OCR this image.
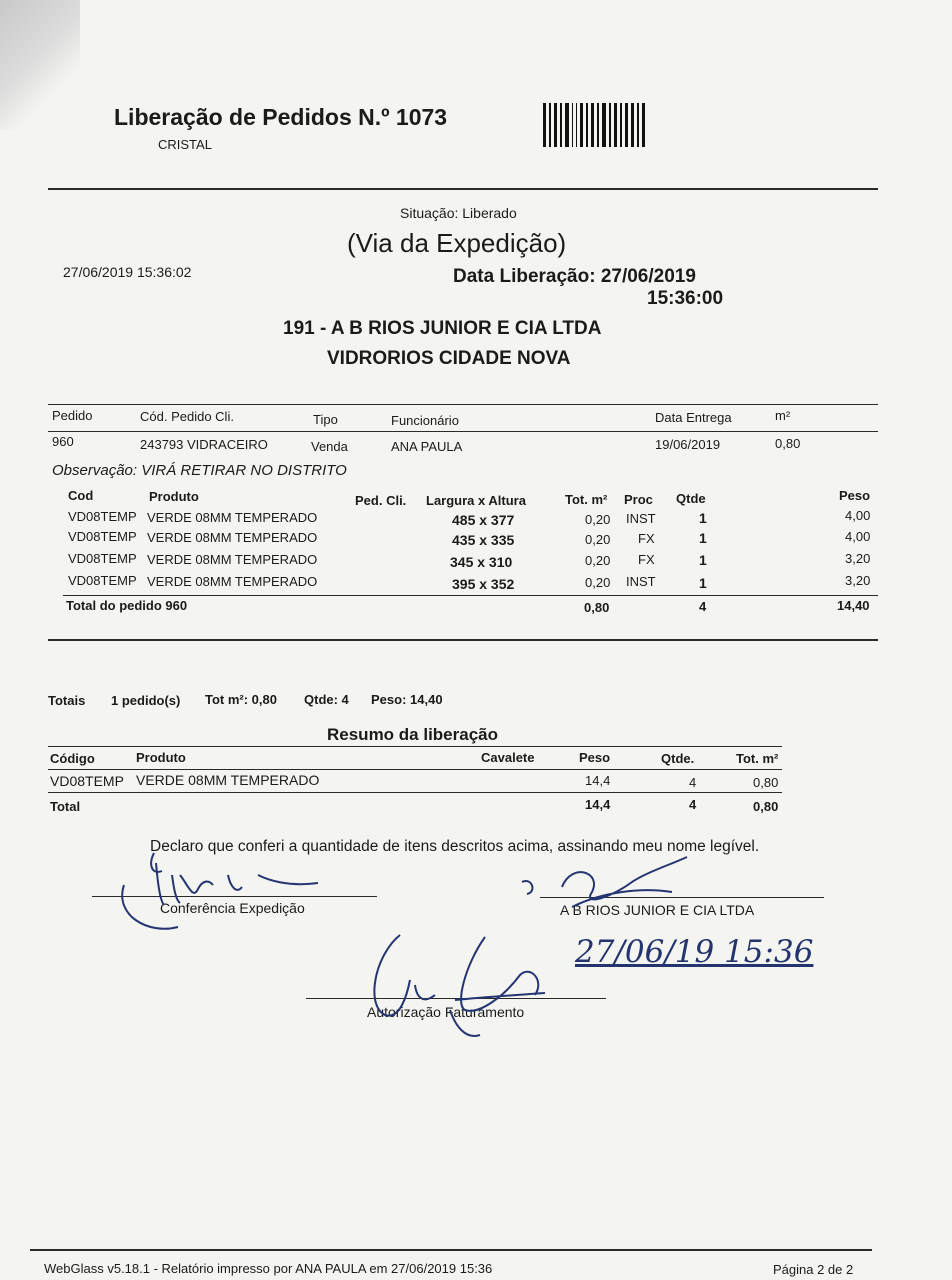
Liberação de Pedidos N.º 1073
CRISTAL
Situação: Liberado
(Via da Expedição)
27/06/2019 15:36:02	Data Liberação: 27/06/2019
15:36:00
191 - A B RIOS JUNIOR E CIA LTDA
VIDRORIOS CIDADE NOVA
Pedido	Cód. Pedido Cli.	Tipo	Funcionário	Data Entrega	m²
960	243793 VIDRACEIRO	Venda	ANA PAULA	19/06/2019	0,80
Observação: VIRÁ RETIRAR NO DISTRITO
Cod	Produto	Ped. Cli. Largura x Altura	Tot. m² Proc Qtde	Peso
VD08TEMP VERDE 08MM TEMPERADO	485 x 377	0,20 INST	1	4,00
VD08TEMP VERDE 08MM TEMPERADO	435 x 335	0,20 FX	1	4,00
VD08TEMP VERDE 08MM TEMPERADO	345 x 310	0,20 FX	1	3,20
VD08TEMP VERDE 08MM TEMPERADO	395 x 352	0,20 INST	1	3,20
Total do pedido 960	0,80	4	14,40
Totais 1 pedido(s) Tot m²: 0,80 Qtde: 4 Peso: 14,40
Resumo da liberação
Código	Produto	Cavalete	Peso	Qtde.	Tot. m²
VD08TEMP VERDE 08MM TEMPERADO	14,4	4	0,80
Total	14,4	4	0,80
Declaro que conferi a quantidade de itens descritos acima, assinando meu nome legível.
Conferência Expedição	A B RIOS JUNIOR E CIA LTDA
Autorização Faturamento
27/06/19 15:36
WebGlass v5.18.1 - Relatório impresso por ANA PAULA em 27/06/2019 15:36	Página 2 de 2
